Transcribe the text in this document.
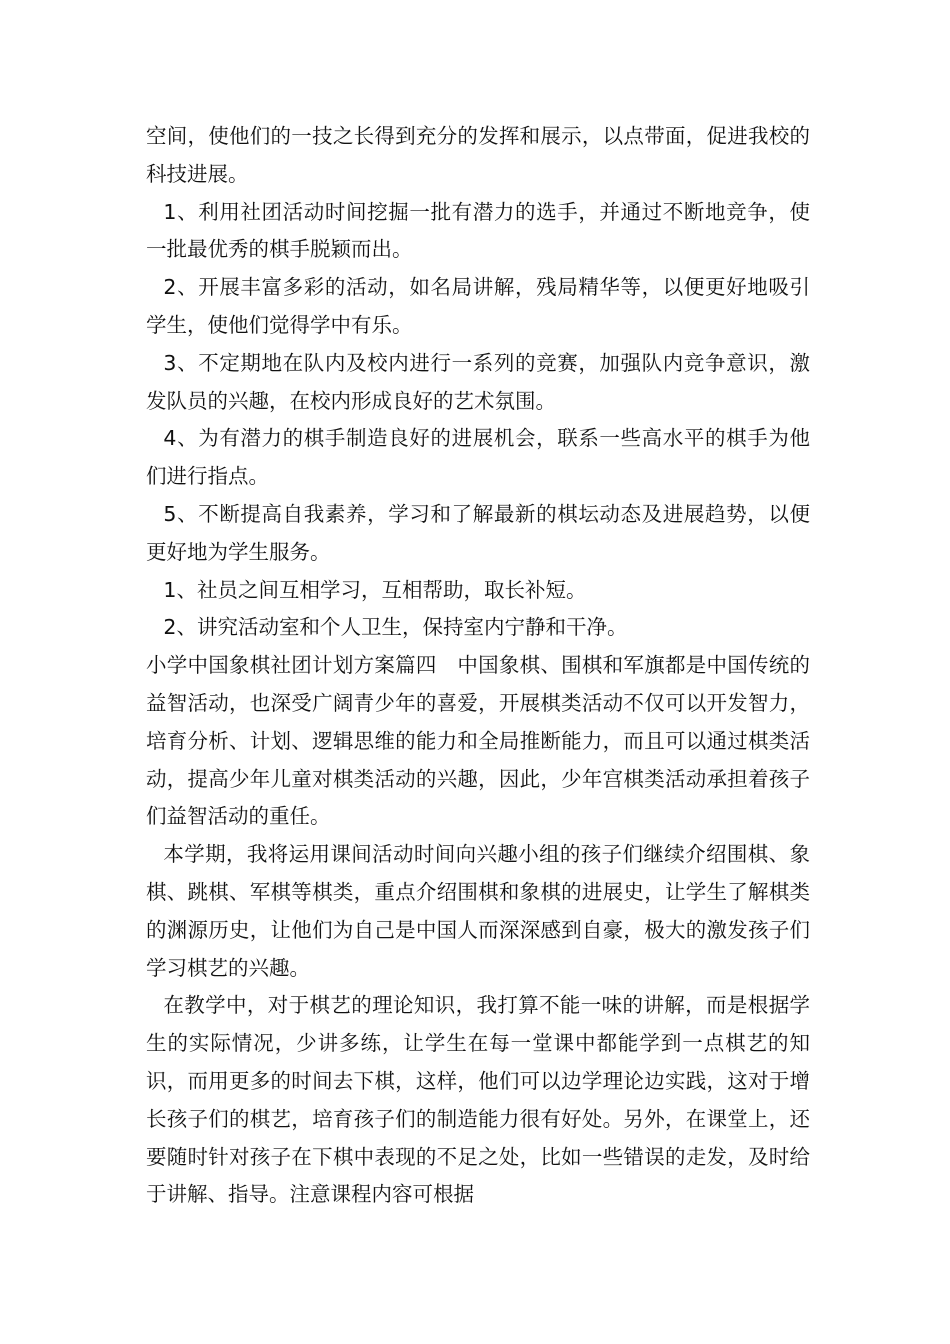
空间，使他们的一技之长得到充分的发挥和展示，以点带面，促进我校的科技进展。

1、利用社团活动时间挖掘一批有潜力的选手，并通过不断地竞争，使一批最优秀的棋手脱颖而出。

2、开展丰富多彩的活动，如名局讲解，残局精华等，以便更好地吸引学生，使他们觉得学中有乐。

3、不定期地在队内及校内进行一系列的竞赛，加强队内竞争意识，激发队员的兴趣，在校内形成良好的艺术氛围。

4、为有潜力的棋手制造良好的进展机会，联系一些高水平的棋手为他们进行指点。

5、不断提高自我素养，学习和了解最新的棋坛动态及进展趋势，以便更好地为学生服务。

1、社员之间互相学习，互相帮助，取长补短。

2、讲究活动室和个人卫生，保持室内宁静和干净。

小学中国象棋社团计划方案篇四　中国象棋、围棋和军旗都是中国传统的益智活动，也深受广阔青少年的喜爱，开展棋类活动不仅可以开发智力，培育分析、计划、逻辑思维的能力和全局推断能力，而且可以通过棋类活动，提高少年儿童对棋类活动的兴趣，因此，少年宫棋类活动承担着孩子们益智活动的重任。

本学期，我将运用课间活动时间向兴趣小组的孩子们继续介绍围棋、象棋、跳棋、军棋等棋类，重点介绍围棋和象棋的进展史，让学生了解棋类的渊源历史，让他们为自己是中国人而深深感到自豪，极大的激发孩子们学习棋艺的兴趣。

在教学中，对于棋艺的理论知识，我打算不能一味的讲解，而是根据学生的实际情况，少讲多练，让学生在每一堂课中都能学到一点棋艺的知识，而用更多的时间去下棋，这样，他们可以边学理论边实践，这对于增长孩子们的棋艺，培育孩子们的制造能力很有好处。另外，在课堂上，还要随时针对孩子在下棋中表现的不足之处，比如一些错误的走发，及时给于讲解、指导。注意课程内容可根据
